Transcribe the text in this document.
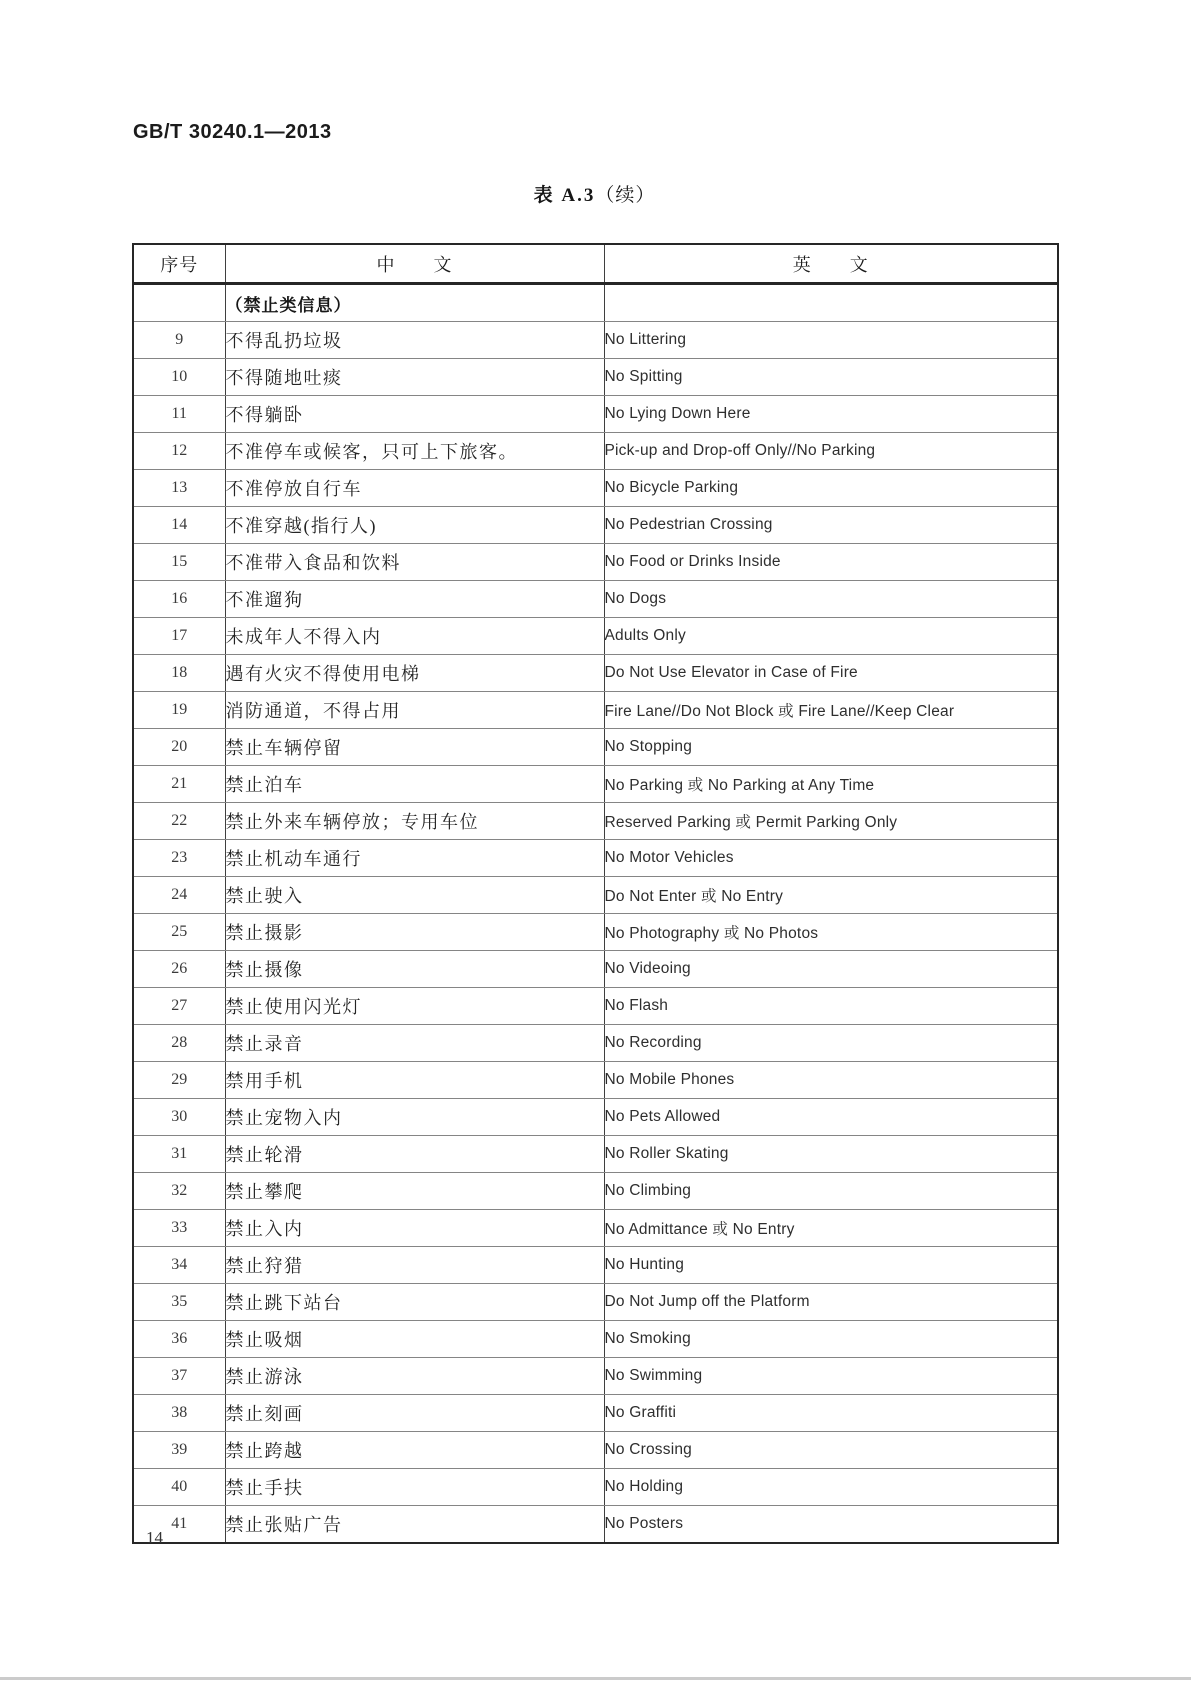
GB/T 30240.1—2013
表 A.3（续）
序号	中　　文	英　　文
	（禁止类信息）	
9	不得乱扔垃圾	No Littering
10	不得随地吐痰	No Spitting
11	不得躺卧	No Lying Down Here
12	不准停车或候客，只可上下旅客。	Pick-up and Drop-off Only//No Parking
13	不准停放自行车	No Bicycle Parking
14	不准穿越(指行人)	No Pedestrian Crossing
15	不准带入食品和饮料	No Food or Drinks Inside
16	不准遛狗	No Dogs
17	未成年人不得入内	Adults Only
18	遇有火灾不得使用电梯	Do Not Use Elevator in Case of Fire
19	消防通道，不得占用	Fire Lane//Do Not Block 或 Fire Lane//Keep Clear
20	禁止车辆停留	No Stopping
21	禁止泊车	No Parking 或 No Parking at Any Time
22	禁止外来车辆停放；专用车位	Reserved Parking 或 Permit Parking Only
23	禁止机动车通行	No Motor Vehicles
24	禁止驶入	Do Not Enter 或 No Entry
25	禁止摄影	No Photography 或 No Photos
26	禁止摄像	No Videoing
27	禁止使用闪光灯	No Flash
28	禁止录音	No Recording
29	禁用手机	No Mobile Phones
30	禁止宠物入内	No Pets Allowed
31	禁止轮滑	No Roller Skating
32	禁止攀爬	No Climbing
33	禁止入内	No Admittance 或 No Entry
34	禁止狩猎	No Hunting
35	禁止跳下站台	Do Not Jump off the Platform
36	禁止吸烟	No Smoking
37	禁止游泳	No Swimming
38	禁止刻画	No Graffiti
39	禁止跨越	No Crossing
40	禁止手扶	No Holding
41	禁止张贴广告	No Posters
14
